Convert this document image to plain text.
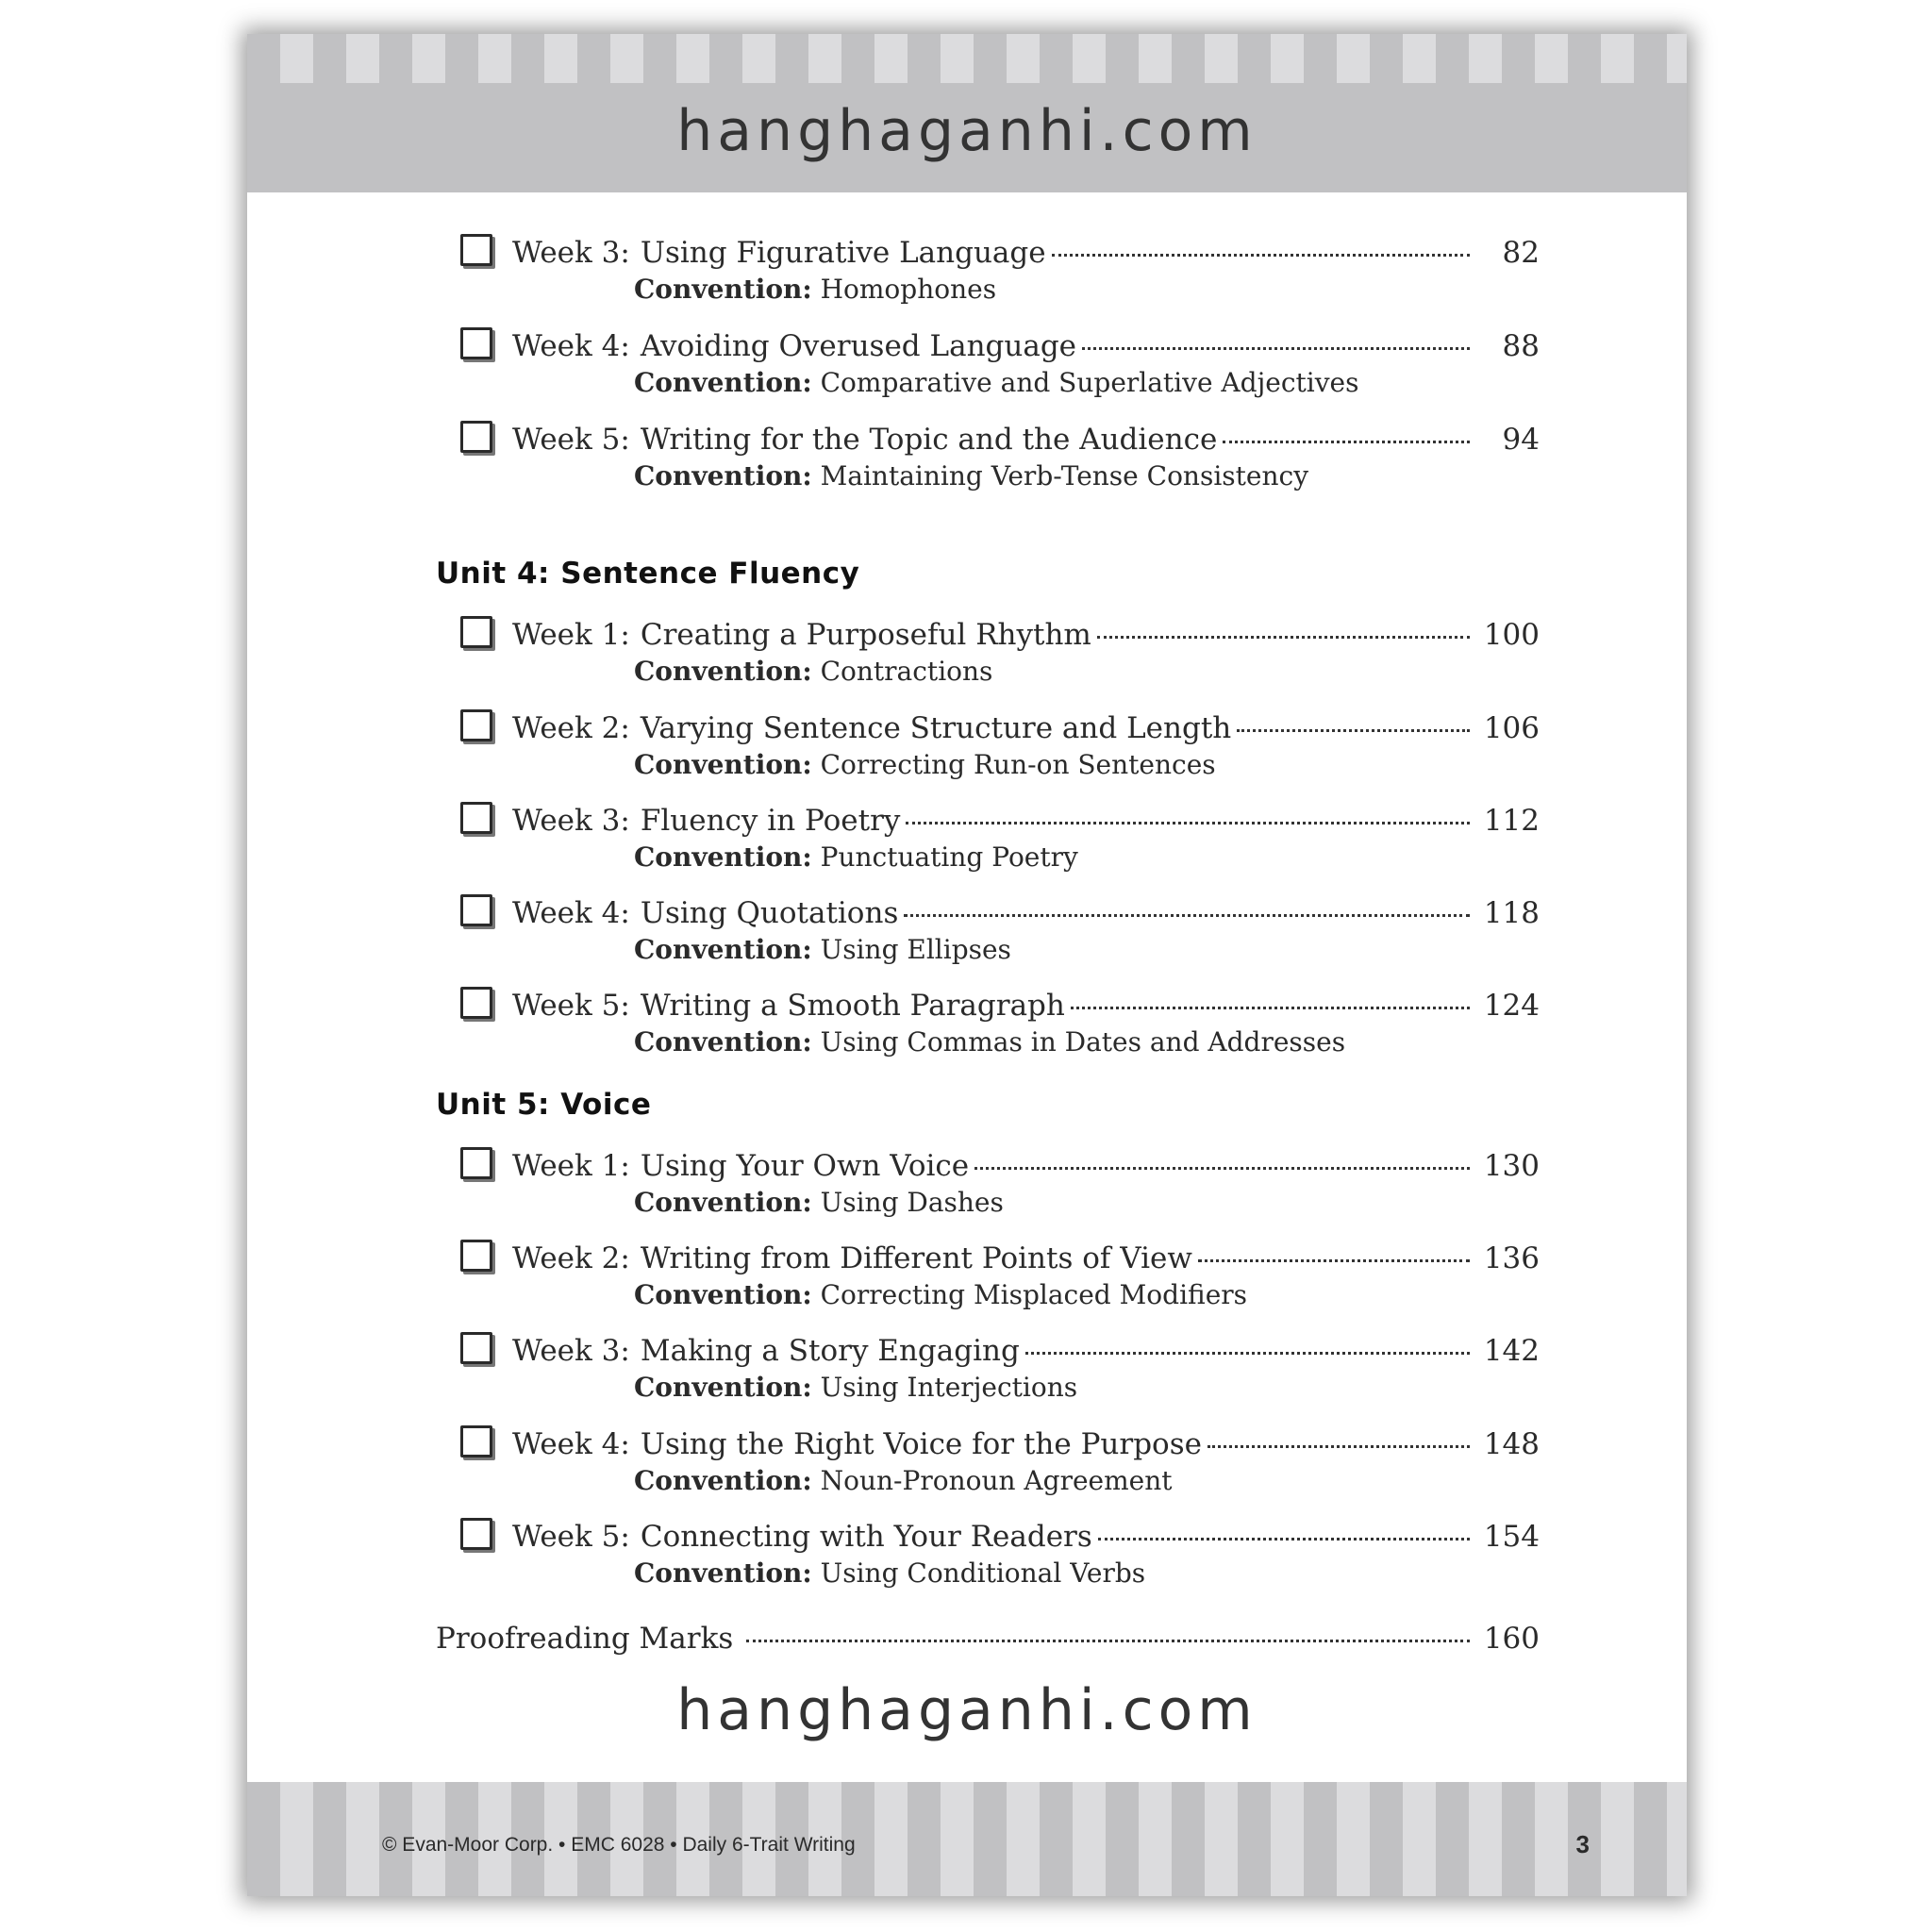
hanghaganhi.com
Week 3: Using Figurative Language	82
Convention: Homophones
Week 4: Avoiding Overused Language	88
Convention: Comparative and Superlative Adjectives
Week 5: Writing for the Topic and the Audience	94
Convention: Maintaining Verb-Tense Consistency
Unit 4: Sentence Fluency
Week 1: Creating a Purposeful Rhythm	100
Convention: Contractions
Week 2: Varying Sentence Structure and Length	106
Convention: Correcting Run-on Sentences
Week 3: Fluency in Poetry	112
Convention: Punctuating Poetry
Week 4: Using Quotations	118
Convention: Using Ellipses
Week 5: Writing a Smooth Paragraph	124
Convention: Using Commas in Dates and Addresses
Unit 5: Voice
Week 1: Using Your Own Voice	130
Convention: Using Dashes
Week 2: Writing from Different Points of View	136
Convention: Correcting Misplaced Modifiers
Week 3: Making a Story Engaging	142
Convention: Using Interjections
Week 4: Using the Right Voice for the Purpose	148
Convention: Noun-Pronoun Agreement
Week 5: Connecting with Your Readers	154
Convention: Using Conditional Verbs
Proofreading Marks	160
hanghaganhi.com
© Evan-Moor Corp. • EMC 6028 • Daily 6-Trait Writing	3
